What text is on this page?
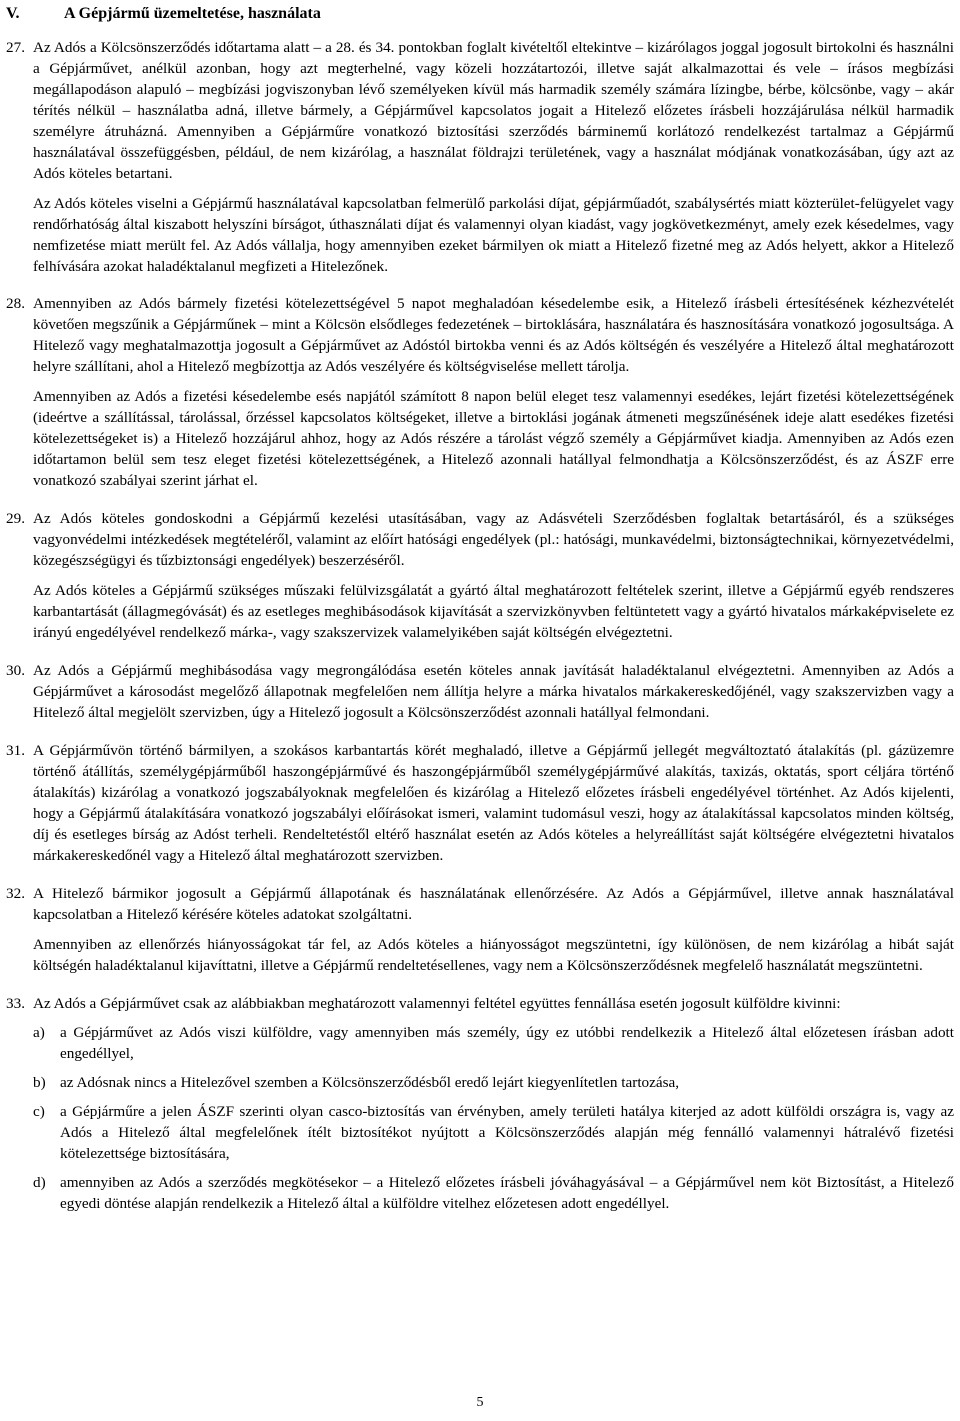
V.	A Gépjármű üzemeltetése, használata
27. Az Adós a Kölcsönszerződés időtartama alatt – a 28. és 34. pontokban foglalt kivételtől eltekintve – kizárólagos joggal jogosult birtokolni és használni a Gépjárművet, anélkül azonban, hogy azt megterhelné, vagy közeli hozzátartozói, illetve saját alkalmazottai és vele – írásos megbízási megállapodáson alapuló – megbízási jogviszonyban lévő személyeken kívül más harmadik személy számára lízingbe, bérbe, kölcsönbe, vagy – akár térítés nélkül – használatba adná, illetve bármely, a Gépjárművel kapcsolatos jogait a Hitelező előzetes írásbeli hozzájárulása nélkül harmadik személyre átruházná. Amennyiben a Gépjárműre vonatkozó biztosítási szerződés bárminemű korlátozó rendelkezést tartalmaz a Gépjármű használatával összefüggésben, például, de nem kizárólag, a használat földrajzi területének, vagy a használat módjának vonatkozásában, úgy azt az Adós köteles betartani.

Az Adós köteles viselni a Gépjármű használatával kapcsolatban felmerülő parkolási díjat, gépjárműadót, szabálysértés miatt közterület-felügyelet vagy rendőrhatóság által kiszabott helyszíni bírságot, úthasználati díjat és valamennyi olyan kiadást, vagy jogkövetkezményt, amely ezek késedelmes, vagy nemfizetése miatt merült fel. Az Adós vállalja, hogy amennyiben ezeket bármilyen ok miatt a Hitelező fizetné meg az Adós helyett, akkor a Hitelező felhívására azokat haladéktalanul megfizeti a Hitelezőnek.

28. Amennyiben az Adós bármely fizetési kötelezettségével 5 napot meghaladóan késedelembe esik, a Hitelező írásbeli értesítésének kézhezvételét követően megszűnik a Gépjárműnek – mint a Kölcsön elsődleges fedezetének – birtoklására, használatára és hasznosítására vonatkozó jogosultsága. A Hitelező vagy meghatalmazottja jogosult a Gépjárművet az Adóstól birtokba venni és az Adós költségén és veszélyére a Hitelező által meghatározott helyre szállítani, ahol a Hitelező megbízottja az Adós veszélyére és költségviselése mellett tárolja.

Amennyiben az Adós a fizetési késedelembe esés napjától számított 8 napon belül eleget tesz valamennyi esedékes, lejárt fizetési kötelezettségének (ideértve a szállítással, tárolással, őrzéssel kapcsolatos költségeket, illetve a birtoklási jogának átmeneti megszűnésének ideje alatt esedékes fizetési kötelezettségeket is) a Hitelező hozzájárul ahhoz, hogy az Adós részére a tárolást végző személy a Gépjárművet kiadja. Amennyiben az Adós ezen időtartamon belül sem tesz eleget fizetési kötelezettségének, a Hitelező azonnali hatállyal felmondhatja a Kölcsönszerződést, és az ÁSZF erre vonatkozó szabályai szerint járhat el.

29. Az Adós köteles gondoskodni a Gépjármű kezelési utasításában, vagy az Adásvételi Szerződésben foglaltak betartásáról, és a szükséges vagyonvédelmi intézkedések megtételéről, valamint az előírt hatósági engedélyek (pl.: hatósági, munkavédelmi, biztonságtechnikai, környezetvédelmi, közegészségügyi és tűzbiztonsági engedélyek) beszerzéséről.

Az Adós köteles a Gépjármű szükséges műszaki felülvizsgálatát a gyártó által meghatározott feltételek szerint, illetve a Gépjármű egyéb rendszeres karbantartását (állagmegóvását) és az esetleges meghibásodások kijavítását a szervizkönyvben feltüntetett vagy a gyártó hivatalos márkaképviselete ez irányú engedélyével rendelkező márka-, vagy szakszervizek valamelyikében saját költségén elvégeztetni.

30. Az Adós a Gépjármű meghibásodása vagy megrongálódása esetén köteles annak javítását haladéktalanul elvégeztetni. Amennyiben az Adós a Gépjárművet a károsodást megelőző állapotnak megfelelően nem állítja helyre a márka hivatalos márkakereskedőjénél, vagy szakszervizben vagy a Hitelező által megjelölt szervizben, úgy a Hitelező jogosult a Kölcsönszerződést azonnali hatállyal felmondani.

31. A Gépjárművön történő bármilyen, a szokásos karbantartás körét meghaladó, illetve a Gépjármű jellegét megváltoztató átalakítás (pl. gázüzemre történő átállítás, személygépjárműből haszongépjárművé és haszongépjárműből személygépjárművé alakítás, taxizás, oktatás, sport céljára történő átalakítás) kizárólag a vonatkozó jogszabályoknak megfelelően és kizárólag a Hitelező előzetes írásbeli engedélyével történhet. Az Adós kijelenti, hogy a Gépjármű átalakítására vonatkozó jogszabályi előírásokat ismeri, valamint tudomásul veszi, hogy az átalakítással kapcsolatos minden költség, díj és esetleges bírság az Adóst terheli. Rendeltetéstől eltérő használat esetén az Adós köteles a helyreállítást saját költségére elvégeztetni hivatalos márkakereskedőnél vagy a Hitelező által meghatározott szervizben.

32. A Hitelező bármikor jogosult a Gépjármű állapotának és használatának ellenőrzésére. Az Adós a Gépjárművel, illetve annak használatával kapcsolatban a Hitelező kérésére köteles adatokat szolgáltatni.

Amennyiben az ellenőrzés hiányosságokat tár fel, az Adós köteles a hiányosságot megszüntetni, így különösen, de nem kizárólag a hibát saját költségén haladéktalanul kijavíttatni, illetve a Gépjármű rendeltetésellenes, vagy nem a Kölcsönszerződésnek megfelelő használatát megszüntetni.

33. Az Adós a Gépjárművet csak az alábbiakban meghatározott valamennyi feltétel együttes fennállása esetén jogosult külföldre kivinni:

a) a Gépjárművet az Adós viszi külföldre, vagy amennyiben más személy, úgy ez utóbbi rendelkezik a Hitelező által előzetesen írásban adott engedéllyel,
b) az Adósnak nincs a Hitelezővel szemben a Kölcsönszerződésből eredő lejárt kiegyenlítetlen tartozása,
c) a Gépjárműre a jelen ÁSZF szerinti olyan casco-biztosítás van érvényben, amely területi hatálya kiterjed az adott külföldi országra is, vagy az Adós a Hitelező által megfelelőnek ítélt biztosítékot nyújtott a Kölcsönszerződés alapján még fennálló valamennyi hátralévő fizetési kötelezettsége biztosítására,
d) amennyiben az Adós a szerződés megkötésekor – a Hitelező előzetes írásbeli jóváhagyásával – a Gépjárművel nem köt Biztosítást, a Hitelező egyedi döntése alapján rendelkezik a Hitelező által a külföldre vitelhez előzetesen adott engedéllyel.
5
